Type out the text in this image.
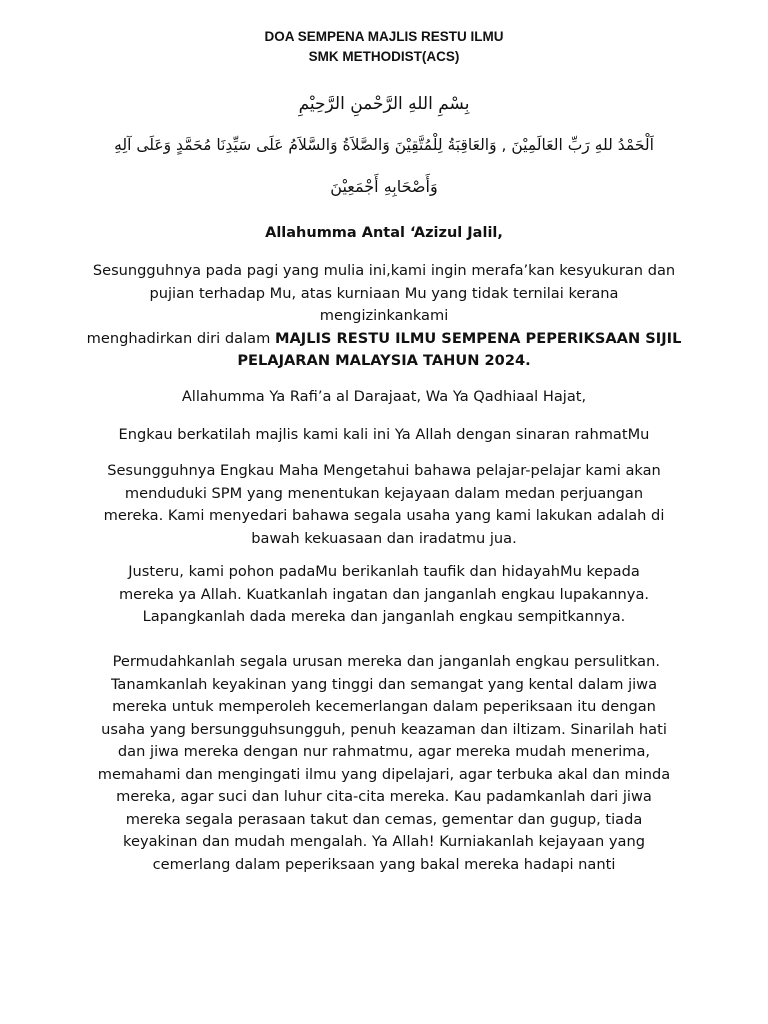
DOA SEMPENA MAJLIS RESTU ILMU
SMK METHODIST(ACS)
بِسْمِ اللهِ الرَّحْمنِ الرَّحِيْمِ
اَلْحَمْدُ للهِ رَبِّ العَالَمِيْنَ , وَالعَاقِبَةُ لِلْمُتَّقِيْنَ وَالصَّلاَةُ وَالسَّلاَمُ عَلَى سَيِّدِنَا مُحَمَّدٍ وَعَلَى آلِهِ
وَأَصْحَابِهِ أَجْمَعِيْنَ
Allahumma Antal ‘Azizul Jalil,
Sesungguhnya pada pagi yang mulia ini,kami ingin merafa’kan kesyukuran dan
pujian terhadap Mu, atas kurniaan Mu yang tidak ternilai kerana
mengizinkankami
menghadirkan diri dalam MAJLIS RESTU ILMU SEMPENA PEPERIKSAAN SIJIL
PELAJARAN MALAYSIA TAHUN 2024.
Allahumma Ya Rafi’a al Darajaat, Wa Ya Qadhiaal Hajat,
Engkau berkatilah majlis kami kali ini Ya Allah dengan sinaran rahmatMu
Sesungguhnya Engkau Maha Mengetahui bahawa pelajar-pelajar kami akan
menduduki SPM yang menentukan kejayaan dalam medan perjuangan
mereka. Kami menyedari bahawa segala usaha yang kami lakukan adalah di
bawah kekuasaan dan iradatmu jua.
Justeru, kami pohon padaMu berikanlah taufik dan hidayahMu kepada
mereka ya Allah. Kuatkanlah ingatan dan janganlah engkau lupakannya.
Lapangkanlah dada mereka dan janganlah engkau sempitkannya.
Permudahkanlah segala urusan mereka dan janganlah engkau persulitkan.
Tanamkanlah keyakinan yang tinggi dan semangat yang kental dalam jiwa
mereka untuk memperoleh kecemerlangan dalam peperiksaan itu dengan
usaha yang bersungguhsungguh, penuh keazaman dan iltizam. Sinarilah hati
dan jiwa mereka dengan nur rahmatmu, agar mereka mudah menerima,
memahami dan mengingati ilmu yang dipelajari, agar terbuka akal dan minda
mereka, agar suci dan luhur cita-cita mereka. Kau padamkanlah dari jiwa
mereka segala perasaan takut dan cemas, gementar dan gugup, tiada
keyakinan dan mudah mengalah. Ya Allah! Kurniakanlah kejayaan yang
cemerlang dalam peperiksaan yang bakal mereka hadapi nanti
